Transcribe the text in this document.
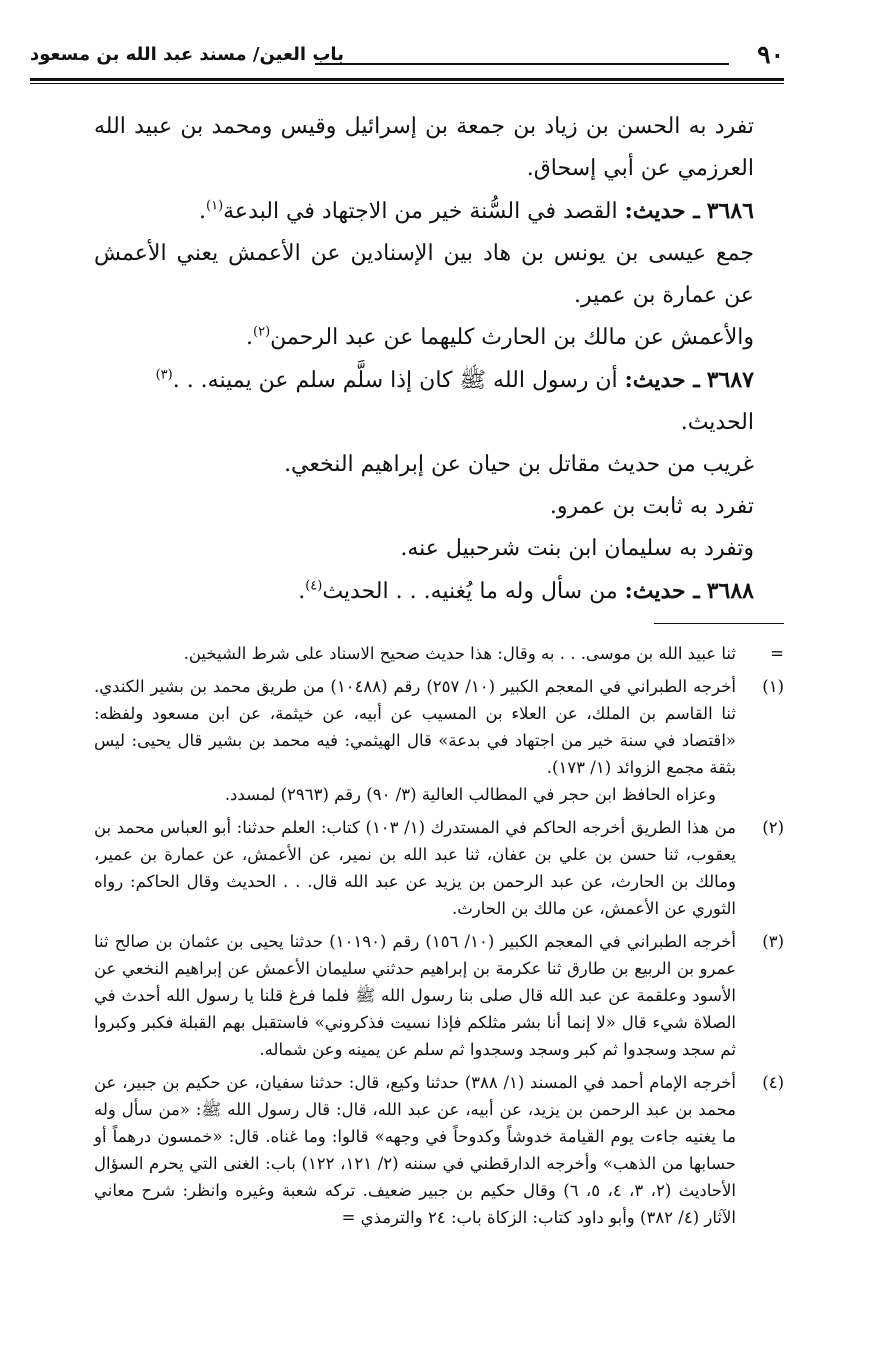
٩٠
باب العين/ مسند عبد الله بن مسعود

تفرد به الحسن بن زياد بن جمعة بن إسرائيل وقيس ومحمد بن عبيد الله العرزمي عن أبي إسحاق.

٣٦٨٦ ـ حديث: القصد في السُّنة خير من الاجتهاد في البدعة$^{(١)}$.

جمع عيسى بن يونس بن هاد بين الإسنادين عن الأعمش يعني الأعمش عن عمارة بن عمير.

والأعمش عن مالك بن الحارث كليهما عن عبد الرحمن$^{(٢)}$.

٣٦٨٧ ـ حديث: أن رسول الله ﷺ كان إذا سلَّم سلم عن يمينه. . .$^{(٣)}$
الحديث.

غريب من حديث مقاتل بن حيان عن إبراهيم النخعي.

تفرد به ثابت بن عمرو.

وتفرد به سليمان ابن بنت شرحبيل عنه.

٣٦٨٨ ـ حديث: من سأل وله ما يُغنيه. . . الحديث$^{(٤)}$.

=
ثنا عبيد الله بن موسى. . . به وقال: هذا حديث صحيح الاسناد على شرط الشيخين.

(١)
أخرجه الطبراني في المعجم الكبير (١٠/ ٢٥٧) رقم (١٠٤٨٨) من طريق محمد بن بشير الكندي. ثنا القاسم بن الملك، عن العلاء بن المسيب عن أبيه، عن خيثمة، عن ابن مسعود ولفظه: «اقتصاد في سنة خير من اجتهاد في بدعة» قال الهيثمي: فيه محمد بن بشير قال يحيى: ليس بثقة مجمع الزوائد (١/ ١٧٣).
وعزاه الحافظ ابن حجر في المطالب العالية (٣/ ٩٠) رقم (٢٩٦٣) لمسدد.

(٢)
من هذا الطريق أخرجه الحاكم في المستدرك (١/ ١٠٣) كتاب: العلم حدثنا: أبو العباس محمد بن يعقوب، ثنا حسن بن علي بن عفان، ثنا عبد الله بن نمير، عن الأعمش، عن عمارة بن عمير، ومالك بن الحارث، عن عبد الرحمن بن يزيد عن عبد الله قال. . . الحديث وقال الحاكم: رواه الثوري عن الأعمش، عن مالك بن الحارث.

(٣)
أخرجه الطبراني في المعجم الكبير (١٠/ ١٥٦) رقم (١٠١٩٠) حدثنا يحيى بن عثمان بن صالح ثنا عمرو بن الربيع بن طارق ثنا عكرمة بن إبراهيم حدثني سليمان الأعمش عن إبراهيم النخعي عن الأسود وعلقمة عن عبد الله قال صلى بنا رسول الله ﷺ فلما فرغ قلنا يا رسول الله أحدث في الصلاة شيء قال «لا إنما أنا بشر مثلكم فإذا نسيت فذكروني» فاستقبل بهم القبلة فكبر وكبروا ثم سجد وسجدوا ثم كبر وسجد وسجدوا ثم سلم عن يمينه وعن شماله.

(٤)
أخرجه الإمام أحمد في المسند (١/ ٣٨٨) حدثنا وكيع، قال: حدثنا سفيان، عن حكيم بن جبير، عن محمد بن عبد الرحمن بن يزيد، عن أبيه، عن عبد الله، قال: قال رسول الله ﷺ: «من سأل وله ما يغنيه جاءت يوم القيامة خدوشاً وكدوحاً في وجهه» قالوا: وما غناه. قال: «خمسون درهماً أو حسابها من الذهب» وأخرجه الدارقطني في سننه (٢/ ١٢١، ١٢٢) باب: الغنى التي يحرم السؤال الأحاديث (٢، ٣، ٤، ٥، ٦) وقال حكيم بن جبير ضعيف. تركه شعبة وغيره وانظر: شرح معاني الآثار (٤/ ٣٨٢) وأبو داود كتاب: الزكاة باب: ٢٤ والترمذي =
